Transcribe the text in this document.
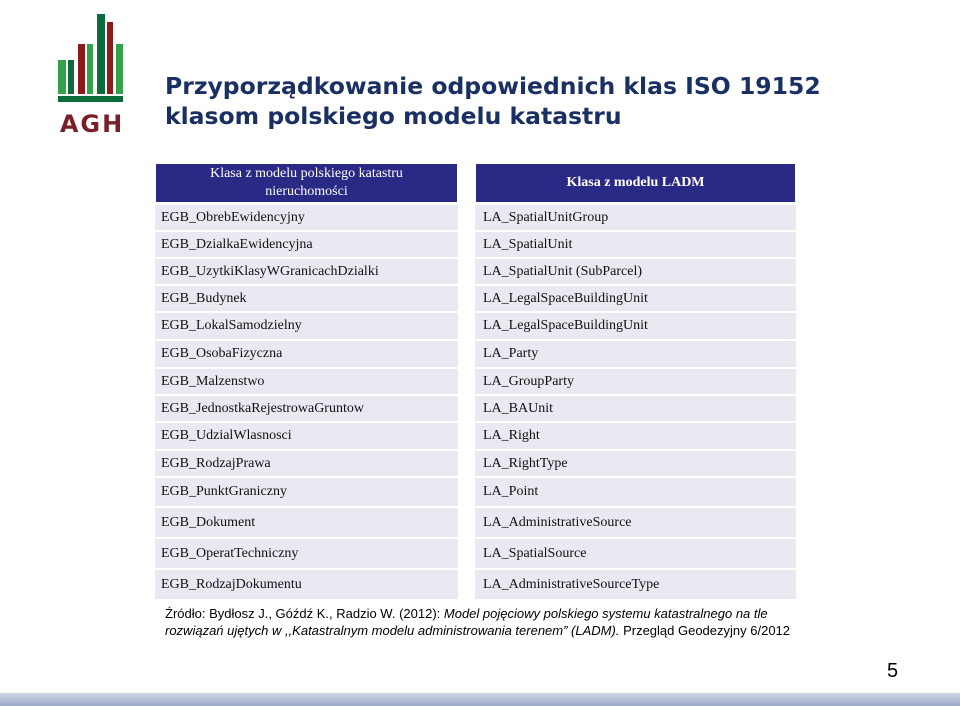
AGH
Przyporządkowanie odpowiednich klas ISO 19152
klasom polskiego modelu katastru
Klasa z modelu polskiego katastru
nieruchomości
EGB_ObrebEwidencyjny
EGB_DzialkaEwidencyjna
EGB_UzytkiKlasyWGranicachDzialki
EGB_Budynek
EGB_LokalSamodzielny
EGB_OsobaFizyczna
EGB_Malzenstwo
EGB_JednostkaRejestrowaGruntow
EGB_UdzialWlasnosci
EGB_RodzajPrawa
EGB_PunktGraniczny
EGB_Dokument
EGB_OperatTechniczny
EGB_RodzajDokumentu
Klasa z modelu LADM
LA_SpatialUnitGroup
LA_SpatialUnit
LA_SpatialUnit (SubParcel)
LA_LegalSpaceBuildingUnit
LA_LegalSpaceBuildingUnit
LA_Party
LA_GroupParty
LA_BAUnit
LA_Right
LA_RightType
LA_Point
LA_AdministrativeSource
LA_SpatialSource
LA_AdministrativeSourceType
Źródło: Bydłosz J., Góźdź K., Radzio W. (2012): Model pojęciowy polskiego systemu katastralnego na tle rozwiązań ujętych w ,,Katastralnym modelu administrowania terenem” (LADM). Przegląd Geodezyjny 6/2012
5
